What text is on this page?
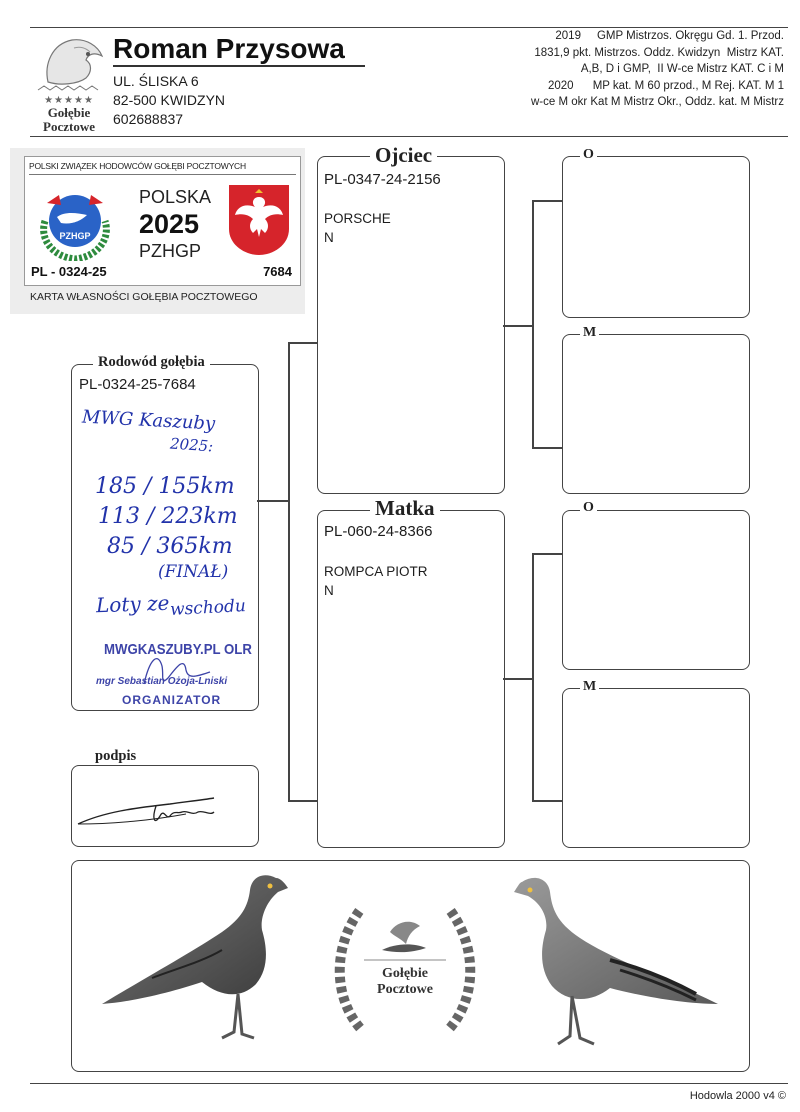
★★★★★
Gołębie
Pocztowe
Roman Przysowa
UL. ŚLISKA 6
82-500 KWIDZYN
602688837
2019     GMP Mistrzos. Okręgu Gd. 1. Przod.
1831,9 pkt. Mistrzos. Oddz. Kwidzyn  Mistrz KAT.
A,B, D i GMP,  II W-ce Mistrz KAT. C i M
2020      MP kat. M 60 przod., M Rej. KAT. M 1
w-ce M okr Kat M Mistrz Okr., Oddz. kat. M Mistrz
POLSKI ZWIĄZEK HODOWCÓW GOŁĘBI POCZTOWYCH
PZHGP
POLSKA
2025
PZHGP
PL - 0324-25	7684
KARTA WŁASNOŚCI GOŁĘBIA POCZTOWEGO
Rodowód gołębia
PL-0324-25-7684
MWG Kaszuby
2025:
185 / 155km
113 / 223km
85 / 365km
(FINAŁ)
Loty ze wschodu
MWGKASZUBY.PL OLR
mgr Sebastian Ożoja-Lniski
ORGANIZATOR
podpis
Ojciec
PL-0347-24-2156
PORSCHE
N
Matka
PL-060-24-8366
ROMPCA PIOTR
N
O
M
O
M
Gołębie
Pocztowe
Hodowla 2000 v4 ©
